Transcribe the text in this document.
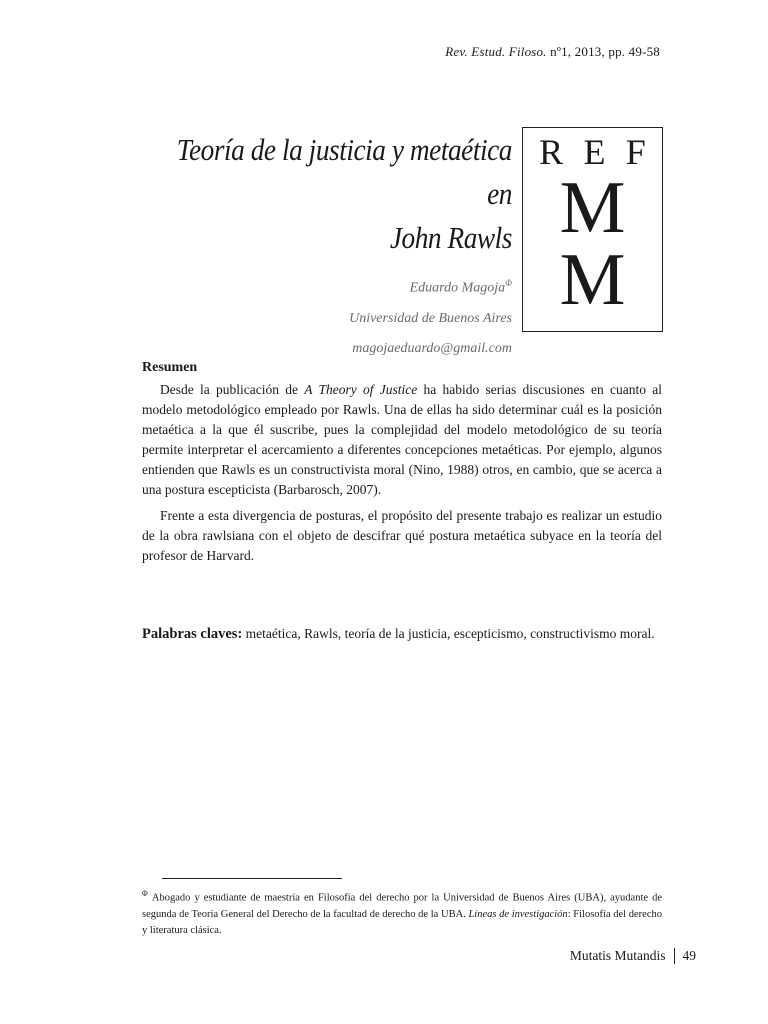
Rev. Estud. Filoso. nº1, 2013, pp. 49-58
Teoría de la justicia y metaética en
John Rawls

Eduardo Magoja$^\Phi$

Universidad de Buenos Aires

magojaeduardo@gmail.com

R E F
M
M
Resumen

Desde la publicación de A Theory of Justice ha habido serias discusiones en cuanto al modelo metodológico empleado por Rawls. Una de ellas ha sido determinar cuál es la posición metaética a la que él suscribe, pues la complejidad del modelo metodológico de su teoría permite interpretar el acercamiento a diferentes concepciones metaéticas. Por ejemplo, algunos entienden que Rawls es un constructivista moral (Nino, 1988) otros, en cambio, que se acerca a una postura escepticista (Barbarosch, 2007).

Frente a esta divergencia de posturas, el propósito del presente trabajo es realizar un estudio de la obra rawlsiana con el objeto de descifrar qué postura metaética subyace en la teoría del profesor de Harvard.

Palabras claves: metaética, Rawls, teoría de la justicia, escepticismo, constructivismo moral.
$^\Phi$ Abogado y estudiante de maestría en Filosofía del derecho por la Universidad de Buenos Aires (UBA), ayudante de segunda de Teoría General del Derecho de la facultad de derecho de la UBA. Líneas de investigación: Filosofía del derecho y literatura clásica.
Mutatis Mutandis 49
